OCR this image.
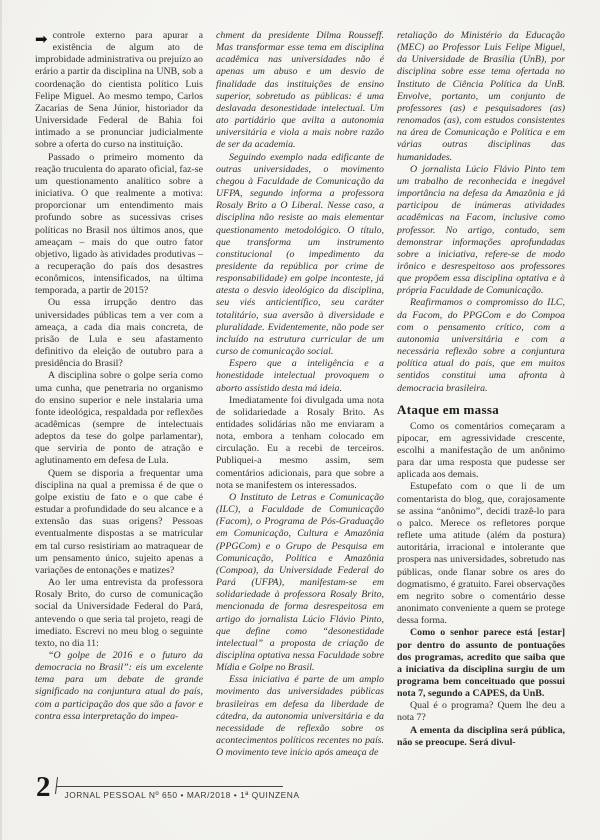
➡ controle externo para apurar a existência de algum ato de improbidade administrativa ou prejuízo ao erário a partir da disciplina na UNB, sob a coordenação do cientista político Luis Felipe Miguel. Ao mesmo tempo, Carlos Zacarias de Sena Júnior, historiador da Universidade Federal de Bahia foi intimado a se pronunciar judicialmente sobre a oferta do curso na instituição.

Passado o primeiro momento da reação truculenta do aparato oficial, faz-se um questionamento analítico sobre a iniciativa. O que realmente a motiva: proporcionar um entendimento mais profundo sobre as sucessivas crises políticas no Brasil nos últimos anos, que ameaçam – mais do que outro fator objetivo, ligado às atividades produtivas – a recuperação do país dos desastres econômicos, intensificados, na última temporada, a partir de 2015?

Ou essa irrupção dentro das universidades públicas tem a ver com a ameaça, a cada dia mais concreta, de prisão de Lula e seu afastamento definitivo da eleição de outubro para a presidência do Brasil?

A disciplina sobre o golpe seria como uma cunha, que penetraria no organismo do ensino superior e nele instalaria uma fonte ideológica, respaldada por reflexões acadêmicas (sempre de intelectuais adeptos da tese do golpe parlamentar), que serviria de ponto de atração e aglutinamento em defesa de Lula.

Quem se disporia a frequentar uma disciplina na qual a premissa é de que o golpe existiu de fato e o que cabe é estudar a profundidade do seu alcance e a extensão das suas origens? Pessoas eventualmente dispostas a se matricular em tal curso resistiriam ao matraquear de um pensamento único, sujeito apenas a variações de entonações e matizes?

Ao ler uma entrevista da professora Rosaly Brito, do curso de comunicação social da Universidade Federal do Pará, antevendo o que seria tal projeto, reagi de imediato. Escrevi no meu blog o seguinte texto, no dia 11:

“O golpe de 2016 e o futuro da democracia no Brasil”: eis um excelente tema para um debate de grande significado na conjuntura atual do país, com a participação dos que são a favor e contra essa interpretação do impea-

chment da presidente Dilma Rousseff. Mas transformar esse tema em disciplina acadêmica nas universidades não é apenas um abuso e um desvio de finalidade das instituições de ensino superior, sobretudo as públicas: é uma deslavada desonestidade intelectual. Um ato partidário que avilta a autonomia universitária e viola a mais nobre razão de ser da academia.

Seguindo exemplo nada edificante de outras universidades, o movimento chegou à Faculdade de Comunicação da UFPA, segundo informa a professora Rosaly Brito a O Liberal. Nesse caso, a disciplina não resiste ao mais elementar questionamento metodológico. O título, que transforma um instrumento constitucional (o impedimento da presidente da república por crime de responsabilidade) em golpe inconteste, já atesta o desvio ideológico da disciplina, seu viés anticientífico, seu caráter totalitário, sua aversão à diversidade e pluralidade. Evidentemente, não pode ser incluído na estrutura curricular de um curso de comunicação social.

Espero que a inteligência e a honestidade intelectual provoquem o aborto assistido desta má ideia.

Imediatamente foi divulgada uma nota de solidariedade a Rosaly Brito. As entidades solidárias não me enviaram a nota, embora a tenham colocado em circulação. Eu a recebi de terceiros. Publiquei-a mesmo assim, sem comentários adicionais, para que sobre a nota se manifestem os interessados.

O Instituto de Letras e Comunicação (ILC), a Faculdade de Comunicação (Facom), o Programa de Pós-Graduação em Comunicação, Cultura e Amazônia (PPGCom) e o Grupo de Pesquisa em Comunicação, Política e Amazônia (Compoa), da Universidade Federal do Pará (UFPA), manifestam-se em solidariedade à professora Rosaly Brito, mencionada de forma desrespeitosa em artigo do jornalista Lúcio Flávio Pinto, que define como “desonestidade intelectual” a proposta de criação de disciplina optativa nessa Faculdade sobre Mídia e Golpe no Brasil.

Essa iniciativa é parte de um amplo movimento das universidades públicas brasileiras em defesa da liberdade de cátedra, da autonomia universitária e da necessidade de reflexão sobre os acontecimentos políticos recentes no país. O movimento teve início após ameaça de

retaliação do Ministério da Educação (MEC) ao Professor Luis Felipe Miguel, da Universidade de Brasília (UnB), por disciplina sobre esse tema ofertada no Instituto de Ciência Política da UnB. Envolve, portanto, um conjunto de professores (as) e pesquisadores (as) renomados (as), com estudos consistentes na área de Comunicação e Política e em várias outras disciplinas das humanidades.

O jornalista Lúcio Flávio Pinto tem um trabalho de reconhecida e inegável importância na defesa da Amazônia e já participou de inúmeras atividades acadêmicas na Facom, inclusive como professor. No artigo, contudo, sem demonstrar informações aprofundadas sobre a iniciativa, refere-se de modo irônico e desrespeitoso aos professores que propõem essa disciplina optativa e à própria Faculdade de Comunicação.

Reafirmamos o compromisso do ILC, da Facom, do PPGCom e do Compoa com o pensamento crítico, com a autonomia universitária e com a necessária reflexão sobre a conjuntura política atual do país, que em muitos sentidos constitui uma afronta à democracia brasileira.

Ataque em massa

Como os comentários começaram a pipocar, em agressividade crescente, escolhi a manifestação de um anônimo para dar uma resposta que pudesse ser aplicada aos demais.

Estupefato com o que li de um comentarista do blog, que, corajosamente se assina “anônimo”, decidi trazê-lo para o palco. Merece os refletores porque reflete uma atitude (além da postura) autoritária, irracional e intolerante que prospera nas universidades, sobretudo nas públicas, onde flanar sobre os ares do dogmatismo, é gratuito. Farei observações em negrito sobre o comentário desse anonimato conveniente a quem se protege dessa forma.

Como o senhor parece está [estar] por dentro do assunto de pontuações dos programas, acredito que saiba que a iniciativa da disciplina surgiu de um programa bem conceituado que possui nota 7, segundo a CAPES, da UnB.

Qual é o programa? Quem lhe deu a nota 7?

A ementa da disciplina será pública, não se preocupe. Será divul-

2	JORNAL PESSOAL Nº 650 • MAR/2018 • 1ª QUINZENA
